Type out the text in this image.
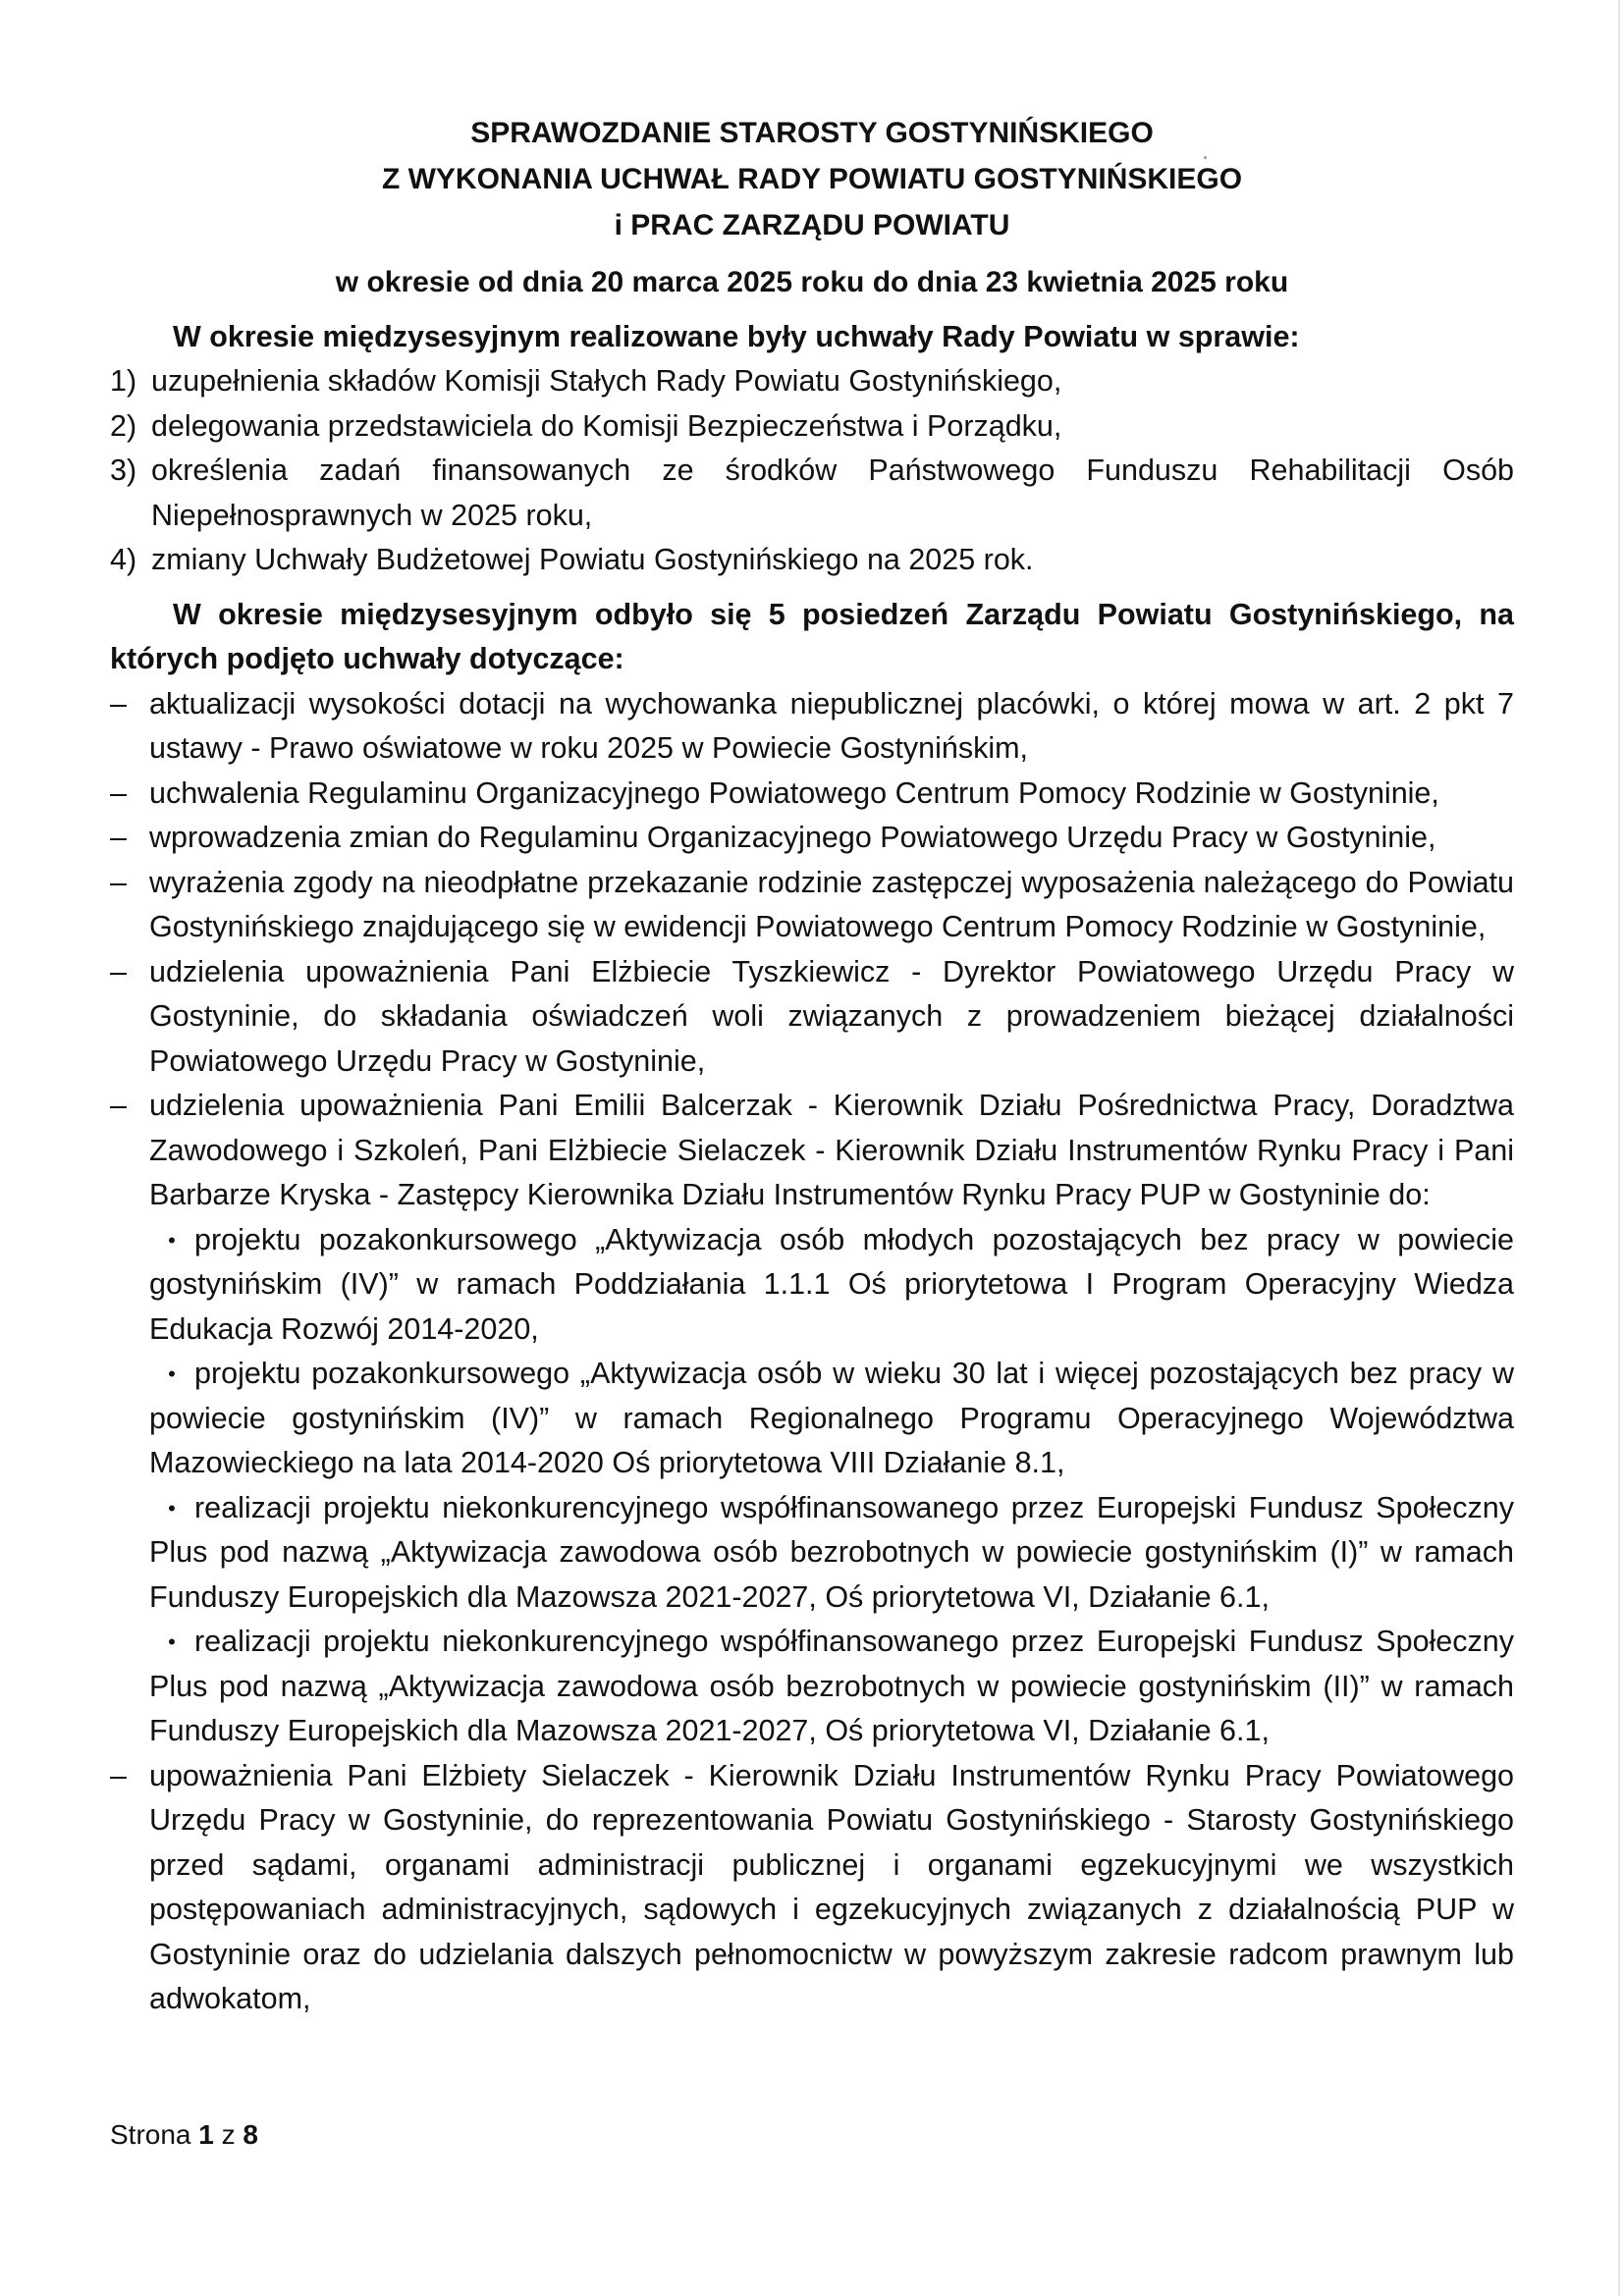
SPRAWOZDANIE STAROSTY GOSTYNIŃSKIEGO
Z WYKONANIA UCHWAŁ RADY POWIATU GOSTYNIŃSKIEGO
i PRAC ZARZĄDU POWIATU

w okresie od dnia 20 marca 2025 roku do dnia 23 kwietnia 2025 roku

W okresie międzysesyjnym realizowane były uchwały Rady Powiatu w sprawie:

1) uzupełnienia składów Komisji Stałych Rady Powiatu Gostynińskiego,
2) delegowania przedstawiciela do Komisji Bezpieczeństwa i Porządku,
3) określenia zadań finansowanych ze środków Państwowego Funduszu Rehabilitacji Osób Niepełnosprawnych w 2025 roku,
4) zmiany Uchwały Budżetowej Powiatu Gostynińskiego na 2025 rok.

W okresie międzysesyjnym odbyło się 5 posiedzeń Zarządu Powiatu Gostynińskiego, na których podjęto uchwały dotyczące:

– aktualizacji wysokości dotacji na wychowanka niepublicznej placówki, o której mowa w art. 2 pkt 7 ustawy - Prawo oświatowe w roku 2025 w Powiecie Gostynińskim,
– uchwalenia Regulaminu Organizacyjnego Powiatowego Centrum Pomocy Rodzinie w Gostyninie,
– wprowadzenia zmian do Regulaminu Organizacyjnego Powiatowego Urzędu Pracy w Gostyninie,
– wyrażenia zgody na nieodpłatne przekazanie rodzinie zastępczej wyposażenia należącego do Powiatu Gostynińskiego znajdującego się w ewidencji Powiatowego Centrum Pomocy Rodzinie w Gostyninie,
– udzielenia upoważnienia Pani Elżbiecie Tyszkiewicz - Dyrektor Powiatowego Urzędu Pracy w Gostyninie, do składania oświadczeń woli związanych z prowadzeniem bieżącej działalności Powiatowego Urzędu Pracy w Gostyninie,
– udzielenia upoważnienia Pani Emilii Balcerzak - Kierownik Działu Pośrednictwa Pracy, Doradztwa Zawodowego i Szkoleń, Pani Elżbiecie Sielaczek - Kierownik Działu Instrumentów Rynku Pracy i Pani Barbarze Kryska - Zastępcy Kierownika Działu Instrumentów Rynku Pracy PUP w Gostyninie do:
• projektu pozakonkursowego „Aktywizacja osób młodych pozostających bez pracy w powiecie gostynińskim (IV)” w ramach Poddziałania 1.1.1 Oś priorytetowa I Program Operacyjny Wiedza Edukacja Rozwój 2014-2020,
• projektu pozakonkursowego „Aktywizacja osób w wieku 30 lat i więcej pozostających bez pracy w powiecie gostynińskim (IV)” w ramach Regionalnego Programu Operacyjnego Województwa Mazowieckiego na lata 2014-2020 Oś priorytetowa VIII Działanie 8.1,
• realizacji projektu niekonkurencyjnego współfinansowanego przez Europejski Fundusz Społeczny Plus pod nazwą „Aktywizacja zawodowa osób bezrobotnych w powiecie gostynińskim (I)” w ramach Funduszy Europejskich dla Mazowsza 2021-2027, Oś priorytetowa VI, Działanie 6.1,
• realizacji projektu niekonkurencyjnego współfinansowanego przez Europejski Fundusz Społeczny Plus pod nazwą „Aktywizacja zawodowa osób bezrobotnych w powiecie gostynińskim (II)” w ramach Funduszy Europejskich dla Mazowsza 2021-2027, Oś priorytetowa VI, Działanie 6.1,
– upoważnienia Pani Elżbiety Sielaczek - Kierownik Działu Instrumentów Rynku Pracy Powiatowego Urzędu Pracy w Gostyninie, do reprezentowania Powiatu Gostynińskiego - Starosty Gostynińskiego przed sądami, organami administracji publicznej i organami egzekucyjnymi we wszystkich postępowaniach administracyjnych, sądowych i egzekucyjnych związanych z działalnością PUP w Gostyninie oraz do udzielania dalszych pełnomocnictw w powyższym zakresie radcom prawnym lub adwokatom,
Strona 1 z 8
